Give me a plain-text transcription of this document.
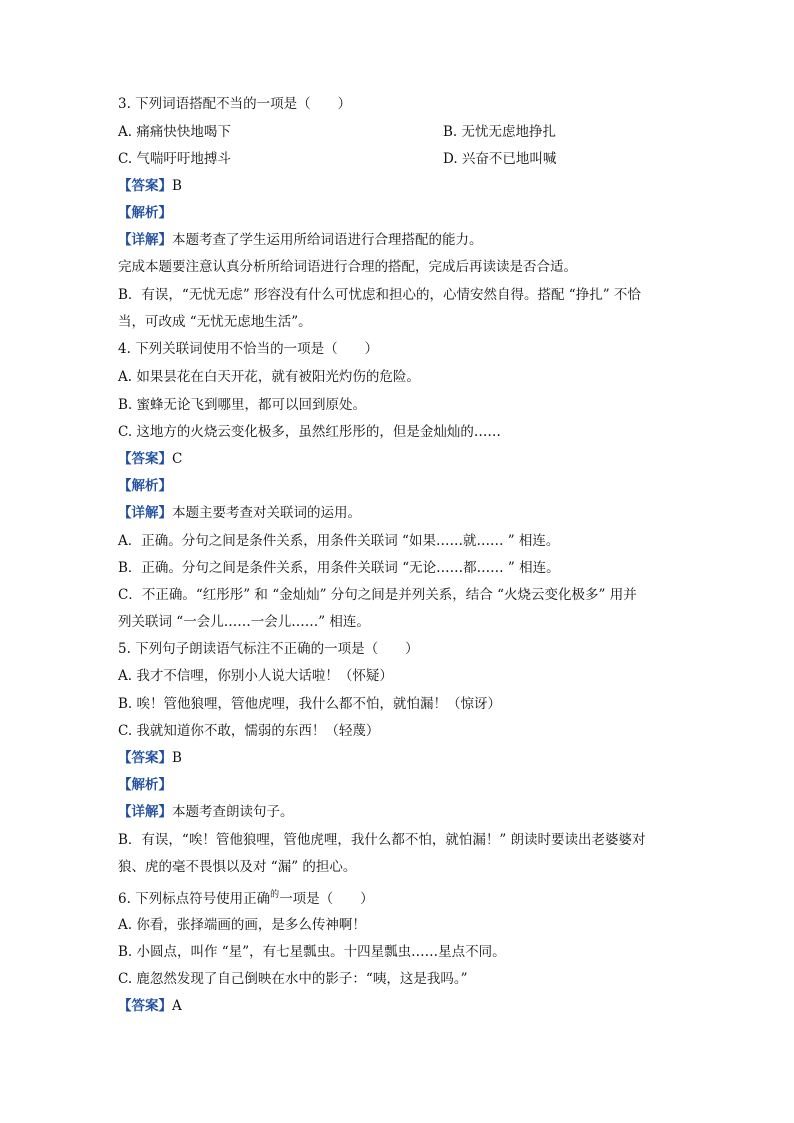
3. 下列词语搭配不当的一项是（　　）
A. 痛痛快快地喝下	B. 无忧无虑地挣扎
C. 气喘吁吁地搏斗	D. 兴奋不已地叫喊
【答案】B
【解析】
【详解】本题考查了学生运用所给词语进行合理搭配的能力。
完成本题要注意认真分析所给词语进行合理的搭配，完成后再读读是否合适。
B．有误，“无忧无虑” 形容没有什么可忧虑和担心的，心情安然自得。搭配 “挣扎” 不恰
当，可改成 “无忧无虑地生活”。
4. 下列关联词使用不恰当的一项是（　　）
A. 如果昙花在白天开花，就有被阳光灼伤的危险。
B. 蜜蜂无论飞到哪里，都可以回到原处。
C. 这地方的火烧云变化极多，虽然红彤彤的，但是金灿灿的……
【答案】C
【解析】
【详解】本题主要考查对关联词的运用。
A．正确。分句之间是条件关系，用条件关联词 “如果……就…… ” 相连。
B．正确。分句之间是条件关系，用条件关联词 “无论……都…… ” 相连。
C．不正确。“红彤彤” 和 “金灿灿” 分句之间是并列关系，结合 “火烧云变化极多” 用并
列关联词 “一会儿……一会儿……” 相连。
5. 下列句子朗读语气标注不正确的一项是（　　）
A. 我才不信哩，你别小人说大话啦！（怀疑）
B. 唉！管他狼哩，管他虎哩，我什么都不怕，就怕漏！（惊讶）
C. 我就知道你不敢，懦弱的东西！（轻蔑）
【答案】B
【解析】
【详解】本题考查朗读句子。
B．有误，“唉！管他狼哩，管他虎哩，我什么都不怕，就怕漏！” 朗读时要读出老婆婆对
狼、虎的毫不畏惧以及对 “漏” 的担心。
6. 下列标点符号使用正确$^的$一项是（　　）
A. 你看，张择端画的画，是多么传神啊！
B. 小圆点，叫作 “星”，有七星瓢虫。十四星瓢虫……星点不同。
C. 鹿忽然发现了自己倒映在水中的影子：“咦，这是我吗。”
【答案】A
